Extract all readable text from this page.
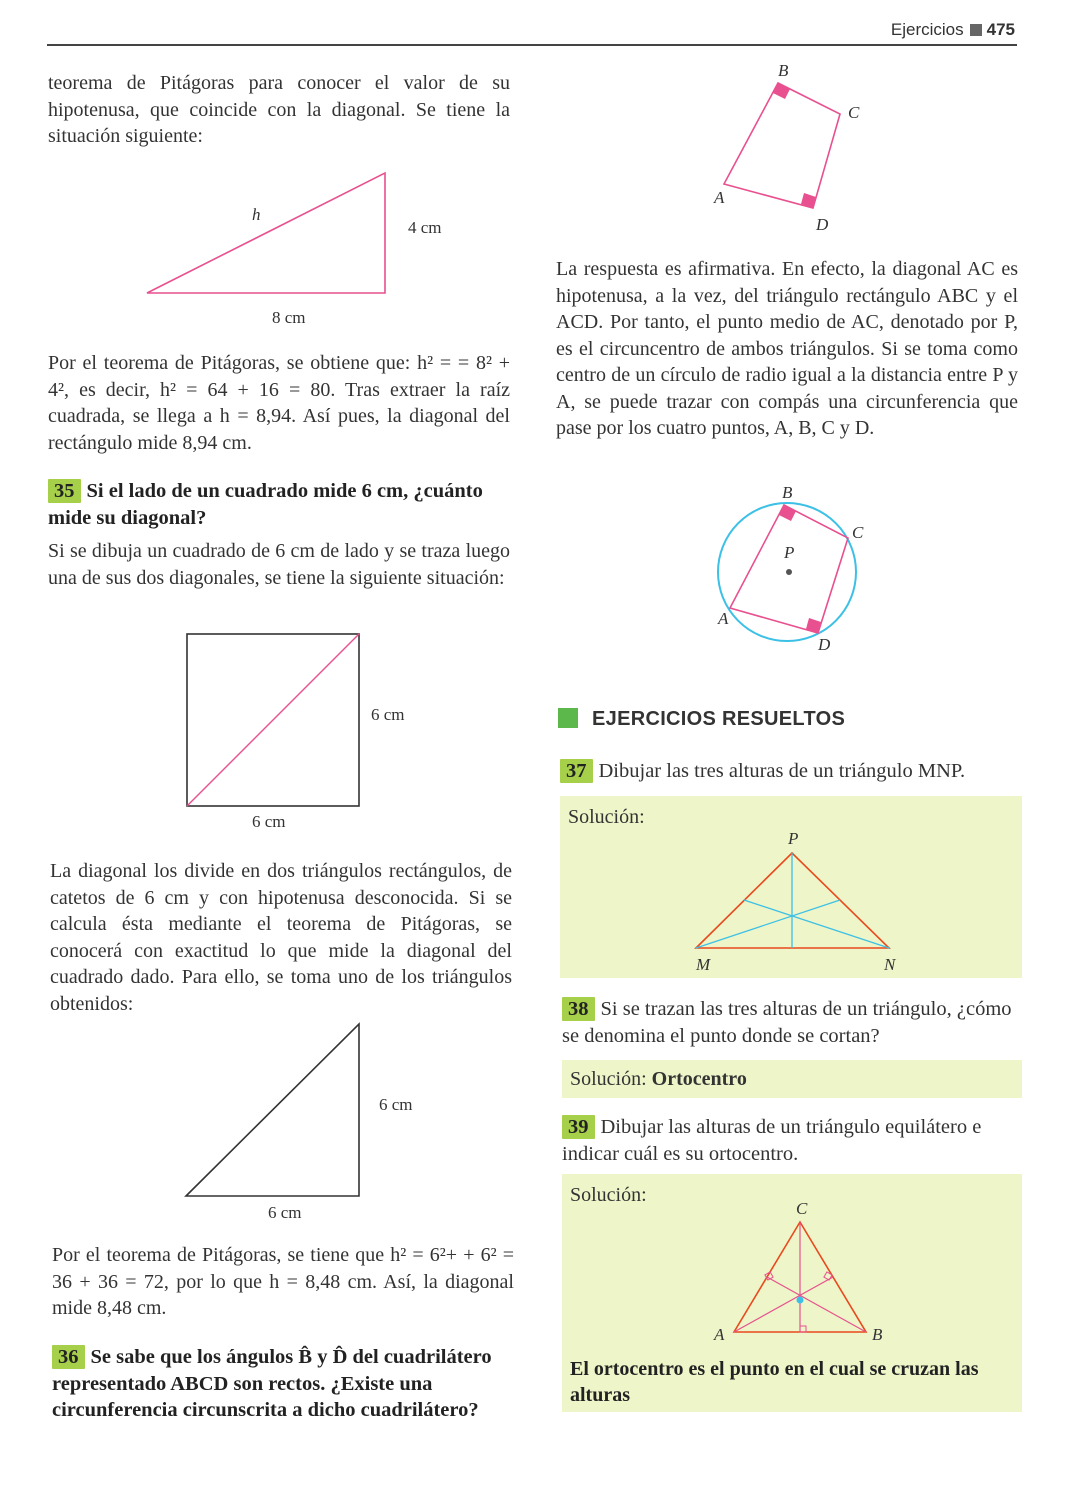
Ejercicios 475

teorema de Pitágoras para conocer el valor de su hipotenusa, que coincide con la diagonal. Se tiene la situación siguiente:

h
4 cm
8 cm

Por el teorema de Pitágoras, se obtiene que: h² = = 8² + 4², es decir, h² = 64 + 16 = 80. Tras extraer la raíz cuadrada, se llega a h = 8,94. Así pues, la diagonal del rectángulo mide 8,94 cm.

35 Si el lado de un cuadrado mide 6 cm, ¿cuánto mide su diagonal?

Si se dibuja un cuadrado de 6 cm de lado y se traza luego una de sus dos diagonales, se tiene la siguiente situación:

6 cm
6 cm

La diagonal los divide en dos triángulos rectángulos, de catetos de 6 cm y con hipotenusa desconocida. Si se calcula ésta mediante el teorema de Pitágoras, se conocerá con exactitud lo que mide la diagonal del cuadrado dado. Para ello, se toma uno de los triángulos obtenidos:

6 cm
6 cm

Por el teorema de Pitágoras, se tiene que h² = 6²+ + 6² = 36 + 36 = 72, por lo que h = 8,48 cm. Así, la diagonal mide 8,48 cm.

36 Se sabe que los ángulos B̂ y D̂ del cuadrilátero representado ABCD son rectos. ¿Existe una circunferencia circunscrita a dicho cuadrilátero?

B
C
A
D

La respuesta es afirmativa. En efecto, la diagonal AC es hipotenusa, a la vez, del triángulo rectángulo ABC y el ACD. Por tanto, el punto medio de AC, denotado por P, es el circuncentro de ambos triángulos. Si se toma como centro de un círculo de radio igual a la distancia entre P y A, se puede trazar con compás una circunferencia que pase por los cuatro puntos, A, B, C y D.

B
C
P
A
D
EJERCICIOS RESUELTOS

37 Dibujar las tres alturas de un triángulo MNP.

Solución:
P
M	N

38 Si se trazan las tres alturas de un triángulo, ¿cómo se denomina el punto donde se cortan?

Solución: Ortocentro

39 Dibujar las alturas de un triángulo equilátero e indicar cuál es su ortocentro.

Solución:
C
A	B
El ortocentro es el punto en el cual se cruzan las alturas
